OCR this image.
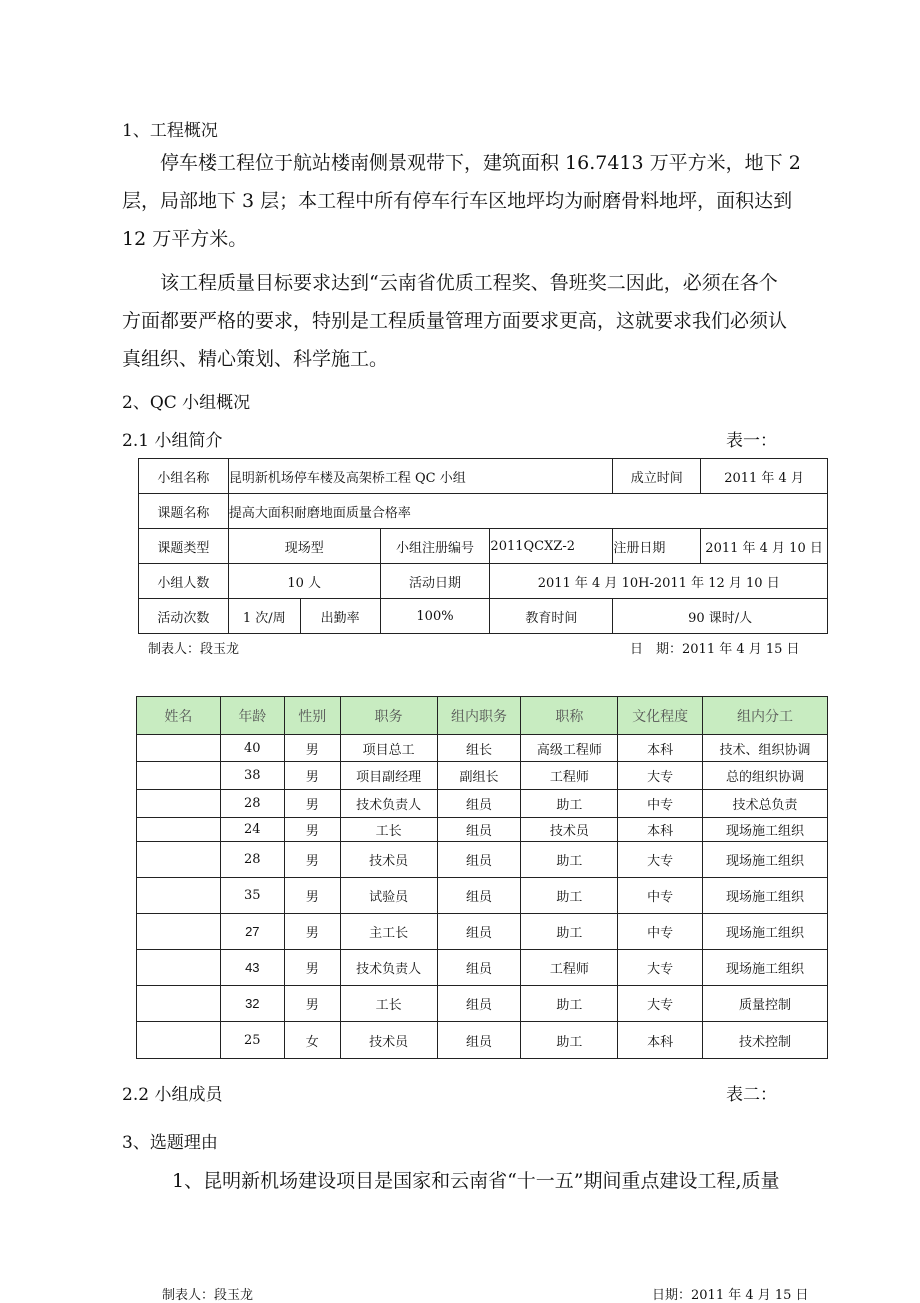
1、工程概况
停车楼工程位于航站楼南侧景观带下，建筑面积 16.7413 万平方米，地下 2
层，局部地下 3 层；本工程中所有停车行车区地坪均为耐磨骨料地坪，面积达到
12 万平方米。
该工程质量目标要求达到“云南省优质工程奖、鲁班奖二因此，必须在各个
方面都要严格的要求，特别是工程质量管理方面要求更高，这就要求我们必须认
真组织、精心策划、科学施工。
2、QC 小组概况
2.1 小组简介	表一：
小组名称	昆明新机场停车楼及高架桥工程 QC 小组				成立时间	2011 年 4 月
课题名称	提高大面积耐磨地面质量合格率					
课题类型	现场型		小组注册编号	2011QCXZ-2	注册日期	2011 年 4 月 10 日
小组人数	10 人		活动日期	2011 年 4 月 10H-2011 年 12 月 10 日		
活动次数	1 次/周	出勤率	100%	教育时间	90 课时/人	
制表人：段玉龙	日　期：2011 年 4 月 15 日
姓名	年龄	性别	职务	组内职务	职称	文化程度	组内分工
	40	男	项目总工	组长	高级工程师	本科	技术、组织协调
	38	男	项目副经理	副组长	工程师	大专	总的组织协调
	28	男	技术负责人	组员	助工	中专	技术总负责
	24	男	工长	组员	技术员	本科	现场施工组织
	28	男	技术员	组员	助工	大专	现场施工组织
	35	男	试验员	组员	助工	中专	现场施工组织
	27	男	主工长	组员	助工	中专	现场施工组织
	43	男	技术负责人	组员	工程师	大专	现场施工组织
	32	男	工长	组员	助工	大专	质量控制
	25	女	技术员	组员	助工	本科	技术控制
2.2 小组成员	表二：
3、选题理由
1、昆明新机场建设项目是国家和云南省“十一五”期间重点建设工程,质量
制表人：段玉龙	日期：2011 年 4 月 15 日
